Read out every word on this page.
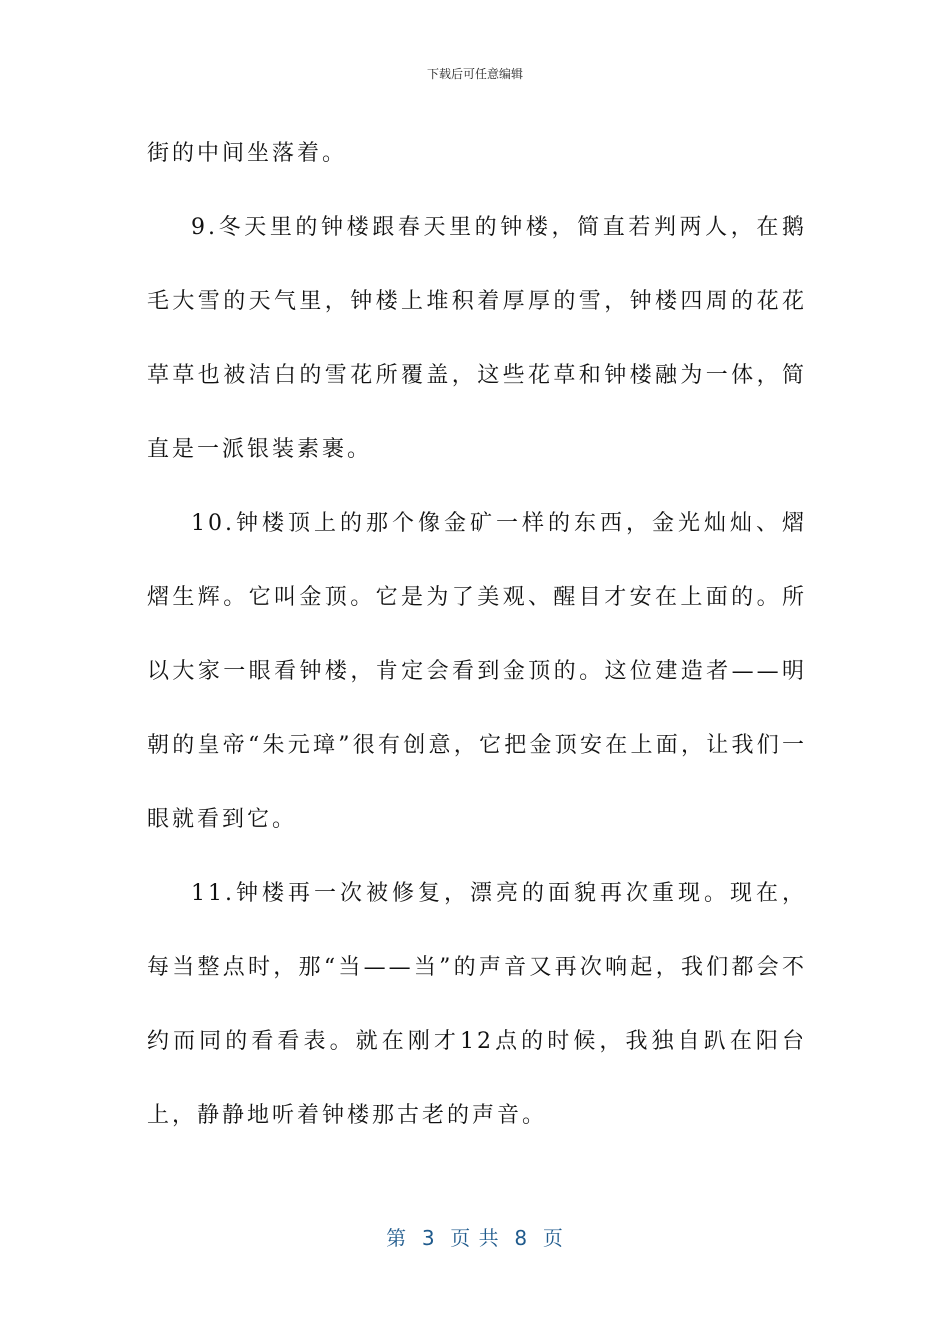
下载后可任意编辑

街的中间坐落着。

9.冬天里的钟楼跟春天里的钟楼，简直若判两人，在鹅毛大雪的天气里，钟楼上堆积着厚厚的雪，钟楼四周的花花草草也被洁白的雪花所覆盖，这些花草和钟楼融为一体，简直是一派银装素裹。

10.钟楼顶上的那个像金矿一样的东西，金光灿灿、熠熠生辉。它叫金顶。它是为了美观、醒目才安在上面的。所以大家一眼看钟楼，肯定会看到金顶的。这位建造者——明朝的皇帝“朱元璋”很有创意，它把金顶安在上面，让我们一眼就看到它。

11.钟楼再一次被修复，漂亮的面貌再次重现。现在，每当整点时，那“当——当”的声音又再次响起，我们都会不约而同的看看表。就在刚才12点的时候，我独自趴在阳台上，静静地听着钟楼那古老的声音。

第  3  页 共  8  页
